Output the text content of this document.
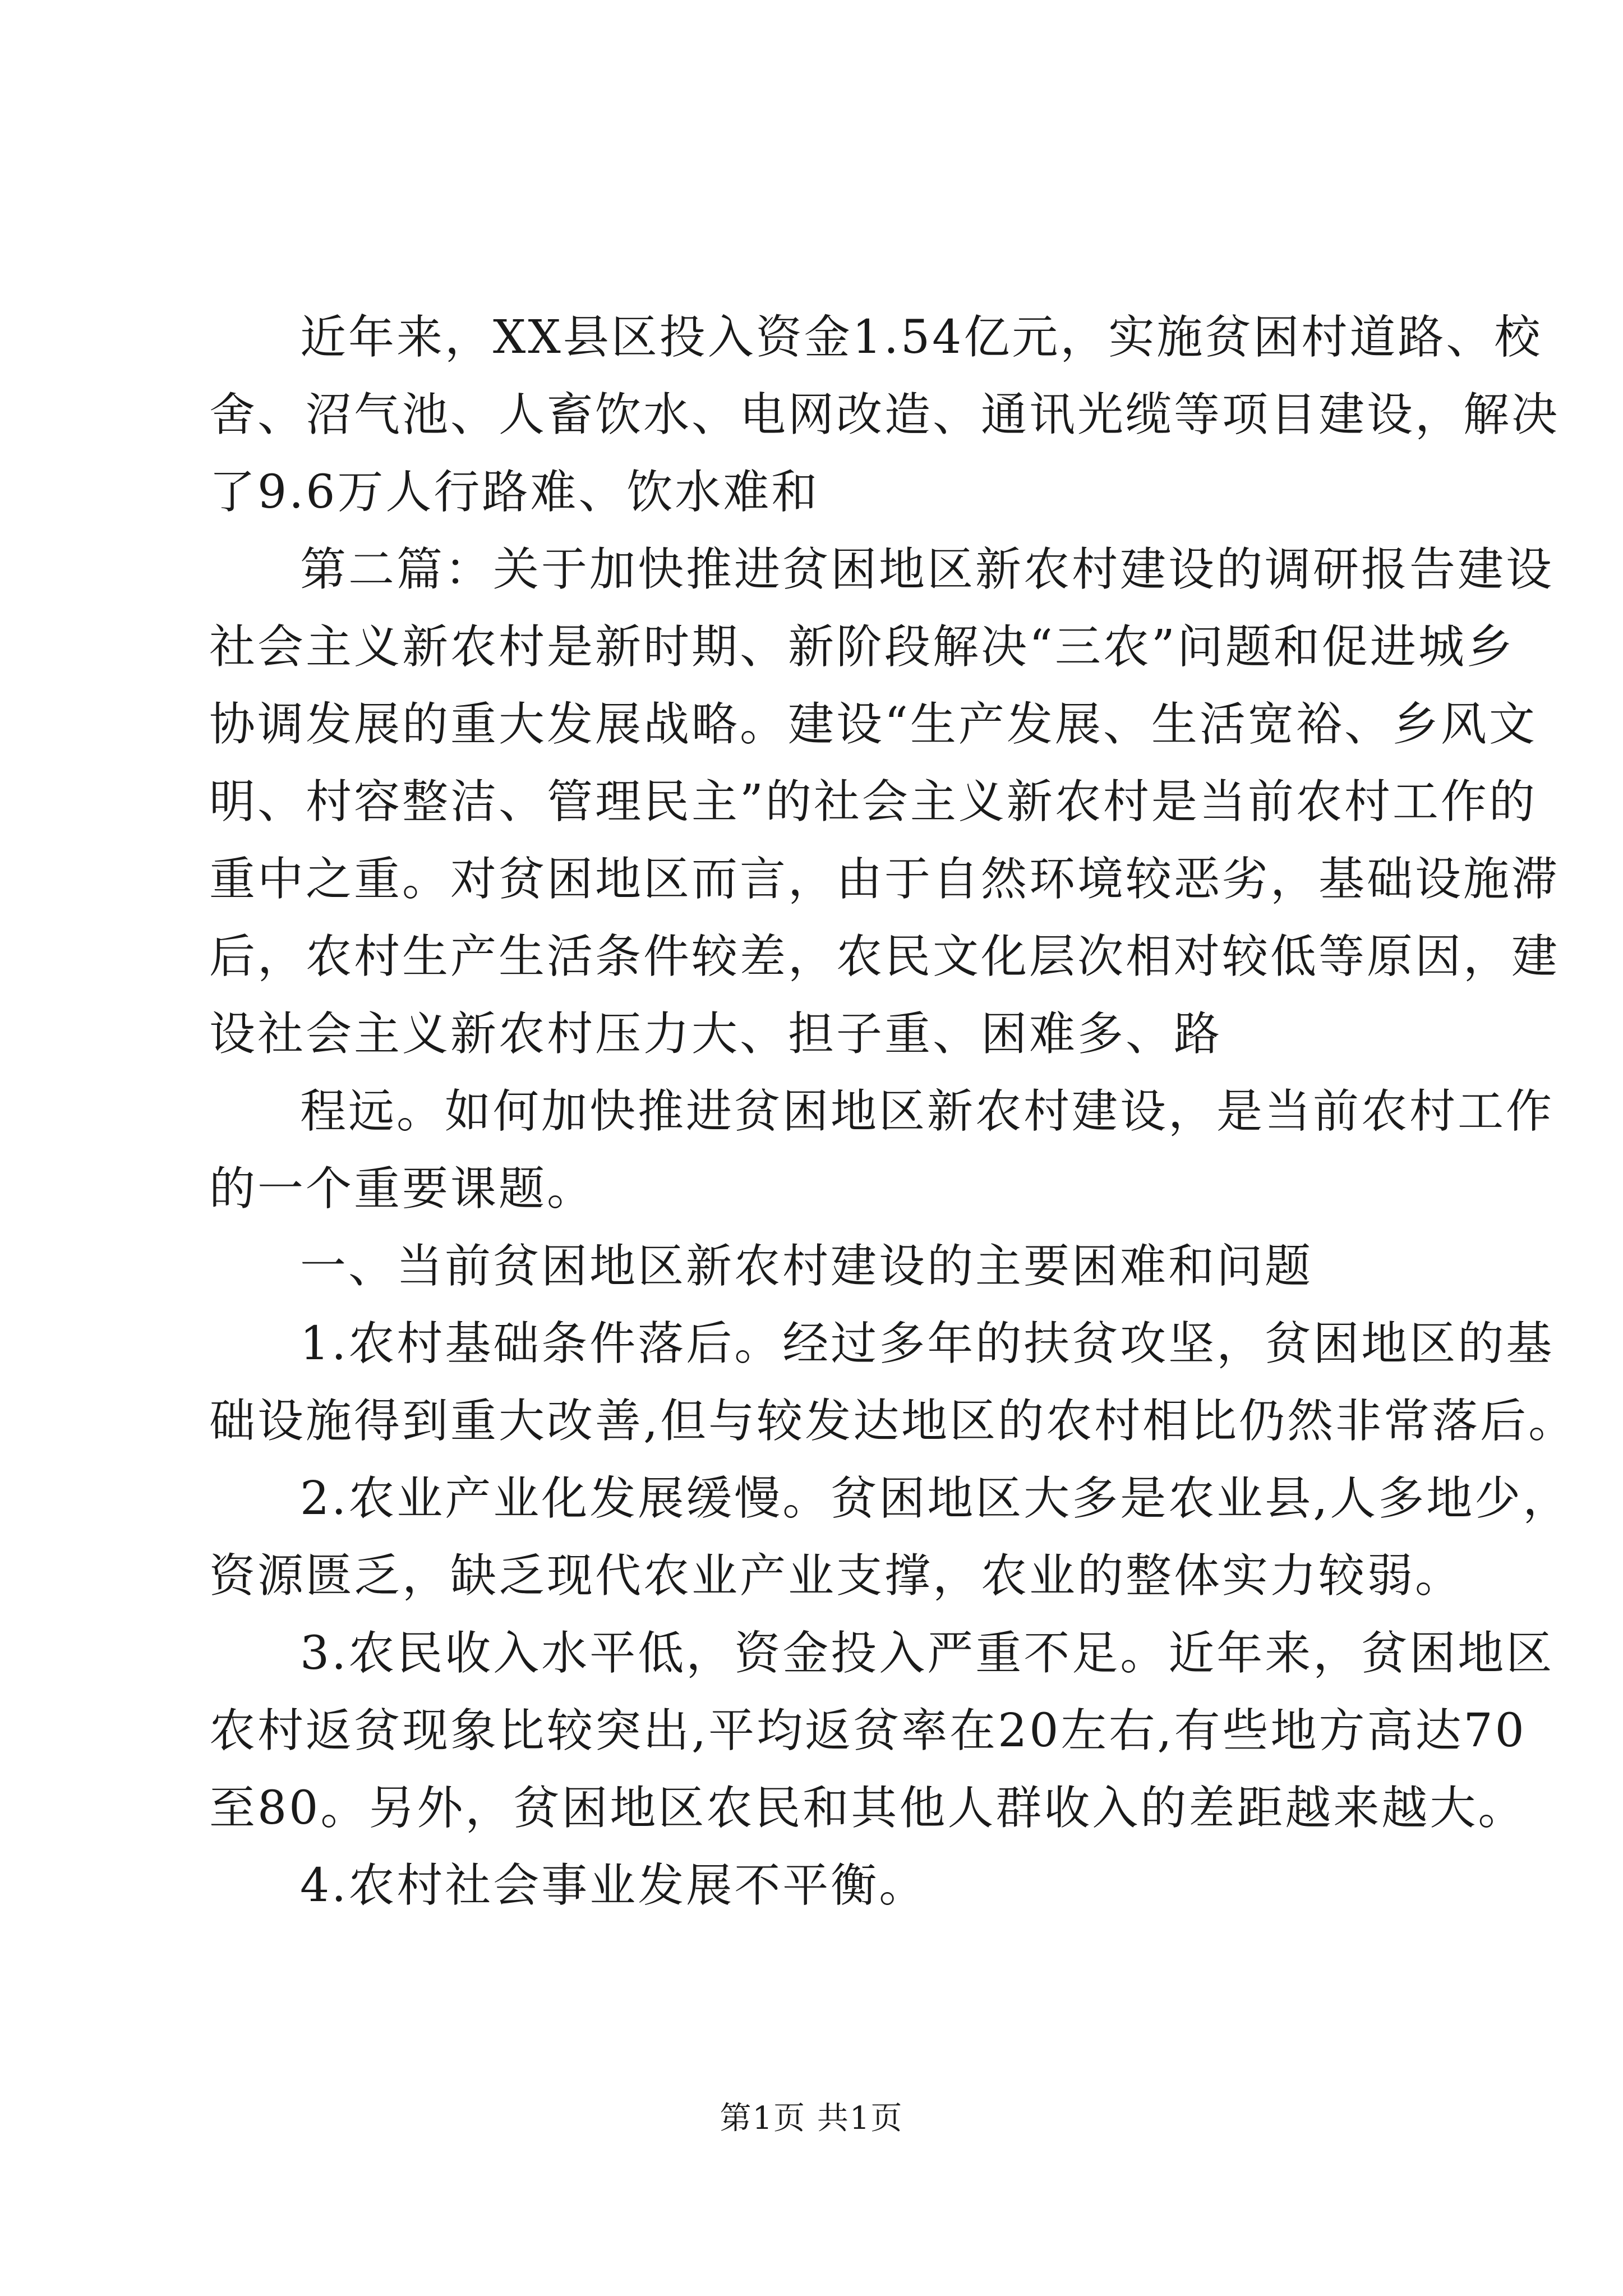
近年来，XX县区投入资金1.54亿元，实施贫困村道路、校
舍、沼气池、人畜饮水、电网改造、通讯光缆等项目建设，解决
了9.6万人行路难、饮水难和
第二篇：关于加快推进贫困地区新农村建设的调研报告建设
社会主义新农村是新时期、新阶段解决“三农”问题和促进城乡
协调发展的重大发展战略。建设“生产发展、生活宽裕、乡风文
明、村容整洁、管理民主”的社会主义新农村是当前农村工作的
重中之重。对贫困地区而言，由于自然环境较恶劣，基础设施滞
后，农村生产生活条件较差，农民文化层次相对较低等原因，建
设社会主义新农村压力大、担子重、困难多、路
程远。如何加快推进贫困地区新农村建设，是当前农村工作
的一个重要课题。
一、当前贫困地区新农村建设的主要困难和问题
1.农村基础条件落后。经过多年的扶贫攻坚，贫困地区的基
础设施得到重大改善,但与较发达地区的农村相比仍然非常落后。
2.农业产业化发展缓慢。贫困地区大多是农业县,人多地少，
资源匮乏，缺乏现代农业产业支撑，农业的整体实力较弱。
3.农民收入水平低，资金投入严重不足。近年来，贫困地区
农村返贫现象比较突出,平均返贫率在20左右,有些地方高达70
至80。另外，贫困地区农民和其他人群收入的差距越来越大。
4.农村社会事业发展不平衡。
第1页 共1页
